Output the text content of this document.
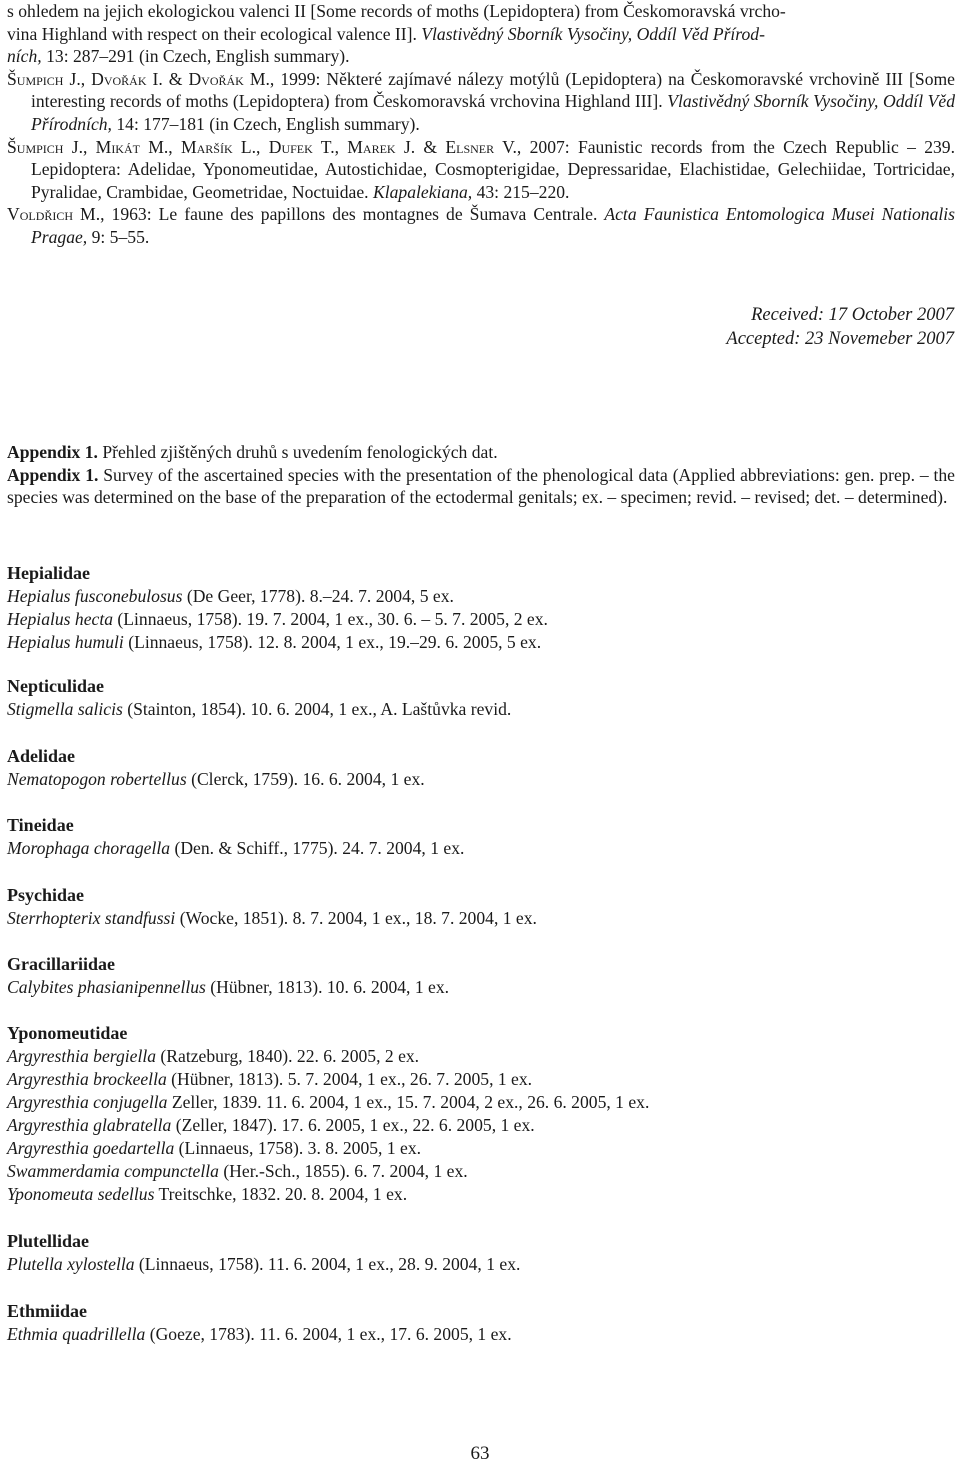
s ohledem na jejich ekologickou valenci II [Some records of moths (Lepidoptera) from Českomoravská vrcho-
vina Highland with respect on their ecological valence II]. Vlastivědný Sborník Vysočiny, Oddíl Věd Přírod-
ních, 13: 287–291 (in Czech, English summary).

Šumpich J., Dvořák I. & Dvořák M., 1999: Některé zajímavé nálezy motýlů (Lepidoptera) na Českomoravské vrchovině III [Some interesting records of moths (Lepidoptera) from Českomoravská vrchovina Highland III]. Vlastivědný Sborník Vysočiny, Oddíl Věd Přírodních, 14: 177–181 (in Czech, English summary).

Šumpich J., Mikát M., Maršík L., Dufek T., Marek J. & Elsner V., 2007: Faunistic records from the Czech Republic – 239. Lepidoptera: Adelidae, Yponomeutidae, Autostichidae, Cosmopterigidae, Depressaridae, Elachistidae, Gelechiidae, Tortricidae, Pyralidae, Crambidae, Geometridae, Noctuidae. Klapalekiana, 43: 215–220.

Voldřich M., 1963: Le faune des papillons des montagnes de Šumava Centrale. Acta Faunistica Entomologica Musei Nationalis Pragae, 9: 5–55.

Received: 17 October 2007
Accepted: 23 Novemeber 2007

Appendix 1. Přehled zjištěných druhů s uvedením fenologických dat.

Appendix 1. Survey of the ascertained species with the presentation of the phenological data (Applied abbreviations: gen. prep. – the species was determined on the base of the preparation of the ectodermal genitals; ex. – specimen; revid. – revised; det. – determined).

Hepialidae

Hepialus fusconebulosus (De Geer, 1778). 8.–24. 7. 2004, 5 ex.

Hepialus hecta (Linnaeus, 1758). 19. 7. 2004, 1 ex., 30. 6. – 5. 7. 2005, 2 ex.

Hepialus humuli (Linnaeus, 1758). 12. 8. 2004, 1 ex., 19.–29. 6. 2005, 5 ex.

Nepticulidae

Stigmella salicis (Stainton, 1854). 10. 6. 2004, 1 ex., A. Laštůvka revid.

Adelidae

Nematopogon robertellus (Clerck, 1759). 16. 6. 2004, 1 ex.

Tineidae

Morophaga choragella (Den. & Schiff., 1775). 24. 7. 2004, 1 ex.

Psychidae

Sterrhopterix standfussi (Wocke, 1851). 8. 7. 2004, 1 ex., 18. 7. 2004, 1 ex.

Gracillariidae

Calybites phasianipennellus (Hübner, 1813). 10. 6. 2004, 1 ex.

Yponomeutidae

Argyresthia bergiella (Ratzeburg, 1840). 22. 6. 2005, 2 ex.

Argyresthia brockeella (Hübner, 1813). 5. 7. 2004, 1 ex., 26. 7. 2005, 1 ex.

Argyresthia conjugella Zeller, 1839. 11. 6. 2004, 1 ex., 15. 7. 2004, 2 ex., 26. 6. 2005, 1 ex.

Argyresthia glabratella (Zeller, 1847). 17. 6. 2005, 1 ex., 22. 6. 2005, 1 ex.

Argyresthia goedartella (Linnaeus, 1758). 3. 8. 2005, 1 ex.

Swammerdamia compunctella (Her.-Sch., 1855). 6. 7. 2004, 1 ex.

Yponomeuta sedellus Treitschke, 1832. 20. 8. 2004, 1 ex.

Plutellidae

Plutella xylostella (Linnaeus, 1758). 11. 6. 2004, 1 ex., 28. 9. 2004, 1 ex.

Ethmiidae

Ethmia quadrillella (Goeze, 1783). 11. 6. 2004, 1 ex., 17. 6. 2005, 1 ex.

63
